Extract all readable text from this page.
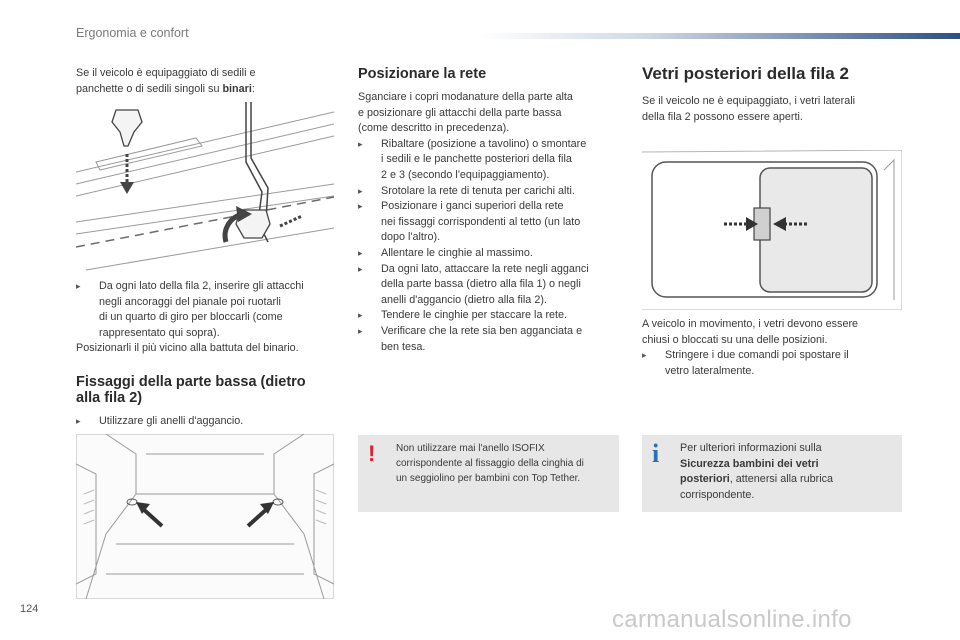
Ergonomia e confort

Se il veicolo è equipaggiato di sedili e

panchette o di sedili singoli su binari:

▸ Da ogni lato della fila 2, inserire gli attacchi

negli ancoraggi del pianale poi ruotarli

di un quarto di giro per bloccarli (come

rappresentato qui sopra).

Posizionarli il più vicino alla battuta del binario.

Fissaggi della parte bassa (dietro
alla fila 2)
▸ Utilizzare gli anelli d'aggancio.

Posizionare la rete

Sganciare i copri modanature della parte alta

e posizionare gli attacchi della parte bassa

(come descritto in precedenza).

▸ Ribaltare (posizione a tavolino) o smontare

i sedili e le panchette posteriori della fila

2 e 3 (secondo l'equipaggiamento).

▸ Srotolare la rete di tenuta per carichi alti.

▸ Posizionare i ganci superiori della rete

nei fissaggi corrispondenti al tetto (un lato

dopo l'altro).

▸ Allentare le cinghie al massimo.

▸ Da ogni lato, attaccare la rete negli agganci

della parte bassa (dietro alla fila 1) o negli

anelli d'aggancio (dietro alla fila 2).

▸ Tendere le cinghie per staccare la rete.

▸ Verificare che la rete sia ben agganciata e

ben tesa.

! Non utilizzare mai l'anello ISOFIX

corrispondente al fissaggio della cinghia di

un seggiolino per bambini con Top Tether.

Vetri posteriori della fila 2

Se il veicolo ne è equipaggiato, i vetri laterali

della fila 2 possono essere aperti.

A veicolo in movimento, i vetri devono essere

chiusi o bloccati su una delle posizioni.

▸ Stringere i due comandi poi spostare il

vetro lateralmente.

i Per ulteriori informazioni sulla

Sicurezza bambini dei vetri

posteriori, attenersi alla rubrica

corrispondente.

124	carmanualsonline.info
